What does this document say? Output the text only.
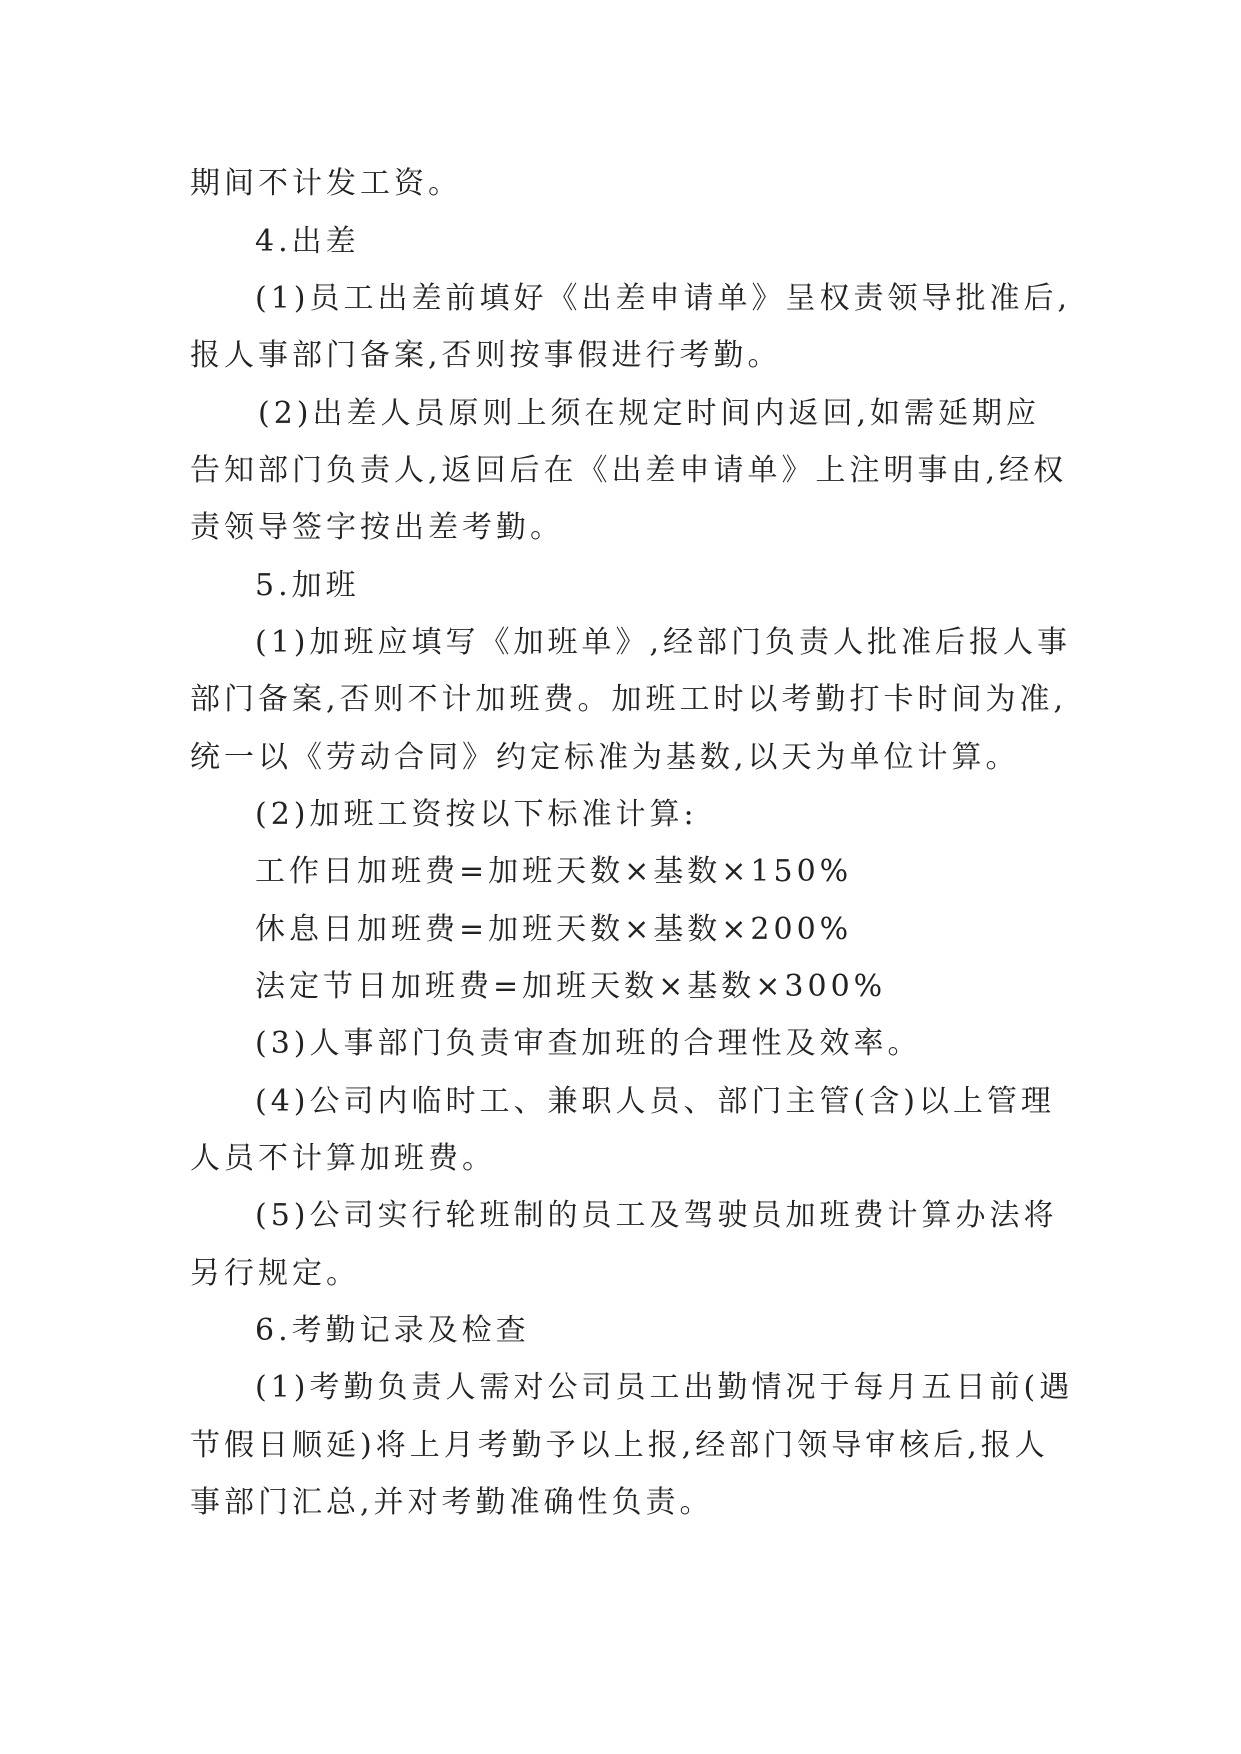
期间不计发工资。
4.出差
(1)员工出差前填好《出差申请单》呈权责领导批准后,
报人事部门备案,否则按事假进行考勤。
(2)出差人员原则上须在规定时间内返回,如需延期应
告知部门负责人,返回后在《出差申请单》上注明事由,经权
责领导签字按出差考勤。
5.加班
(1)加班应填写《加班单》,经部门负责人批准后报人事
部门备案,否则不计加班费。加班工时以考勤打卡时间为准,
统一以《劳动合同》约定标准为基数,以天为单位计算。
(2)加班工资按以下标准计算:
工作日加班费=加班天数×基数×150%
休息日加班费=加班天数×基数×200%
法定节日加班费=加班天数×基数×300%
(3)人事部门负责审查加班的合理性及效率。
(4)公司内临时工、兼职人员、部门主管(含)以上管理
人员不计算加班费。
(5)公司实行轮班制的员工及驾驶员加班费计算办法将
另行规定。
6.考勤记录及检查
(1)考勤负责人需对公司员工出勤情况于每月五日前(遇
节假日顺延)将上月考勤予以上报,经部门领导审核后,报人
事部门汇总,并对考勤准确性负责。
